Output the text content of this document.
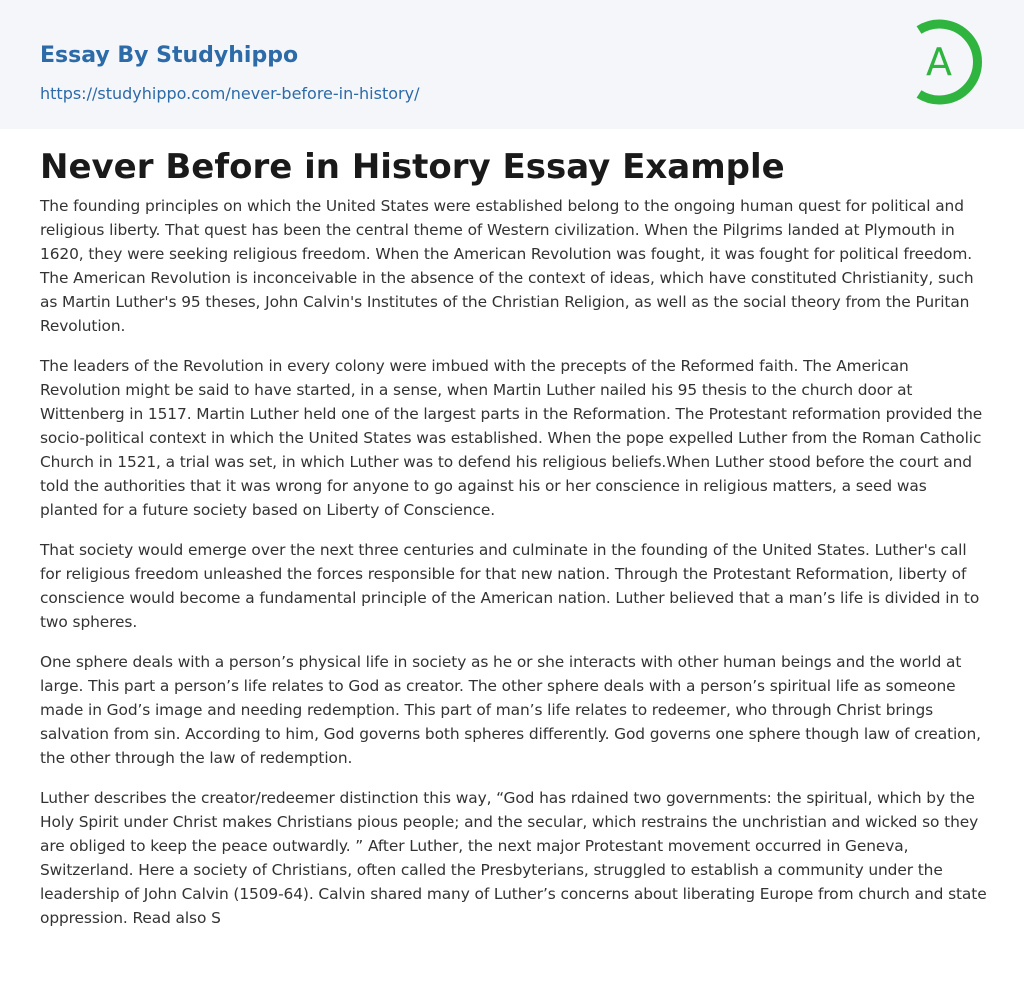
Essay By Studyhippo
https://studyhippo.com/never-before-in-history/
A
Never Before in History Essay Example

The founding principles on which the United States were established belong to the ongoing human quest for political and religious liberty. That quest has been the central theme of Western civilization. When the Pilgrims landed at Plymouth in 1620, they were seeking religious freedom. When the American Revolution was fought, it was fought for political freedom. The American Revolution is inconceivable in the absence of the context of ideas, which have constituted Christianity, such as Martin Luther's 95 theses, John Calvin's Institutes of the Christian Religion, as well as the social theory from the Puritan Revolution.

The leaders of the Revolution in every colony were imbued with the precepts of the Reformed faith. The American Revolution might be said to have started, in a sense, when Martin Luther nailed his 95 thesis to the church door at Wittenberg in 1517. Martin Luther held one of the largest parts in the Reformation. The Protestant reformation provided the socio-political context in which the United States was established. When the pope expelled Luther from the Roman Catholic Church in 1521, a trial was set, in which Luther was to defend his religious beliefs.When Luther stood before the court and told the authorities that it was wrong for anyone to go against his or her conscience in religious matters, a seed was planted for a future society based on Liberty of Conscience.

That society would emerge over the next three centuries and culminate in the founding of the United States. Luther's call for religious freedom unleashed the forces responsible for that new nation. Through the Protestant Reformation, liberty of conscience would become a fundamental principle of the American nation. Luther believed that a man’s life is divided in to two spheres.

One sphere deals with a person’s physical life in society as he or she interacts with other human beings and the world at large. This part a person’s life relates to God as creator. The other sphere deals with a person’s spiritual life as someone made in God’s image and needing redemption. This part of man’s life relates to redeemer, who through Christ brings salvation from sin. According to him, God governs both spheres differently. God governs one sphere though law of creation, the other through the law of redemption.

Luther describes the creator/redeemer distinction this way, “God has rdained two governments: the spiritual, which by the Holy Spirit under Christ makes Christians pious people; and the secular, which restrains the unchristian and wicked so they are obliged to keep the peace outwardly. ” After Luther, the next major Protestant movement occurred in Geneva, Switzerland. Here a society of Christians, often called the Presbyterians, struggled to establish a community under the leadership of John Calvin (1509-64). Calvin shared many of Luther’s concerns about liberating Europe from church and state oppression. Read also S
